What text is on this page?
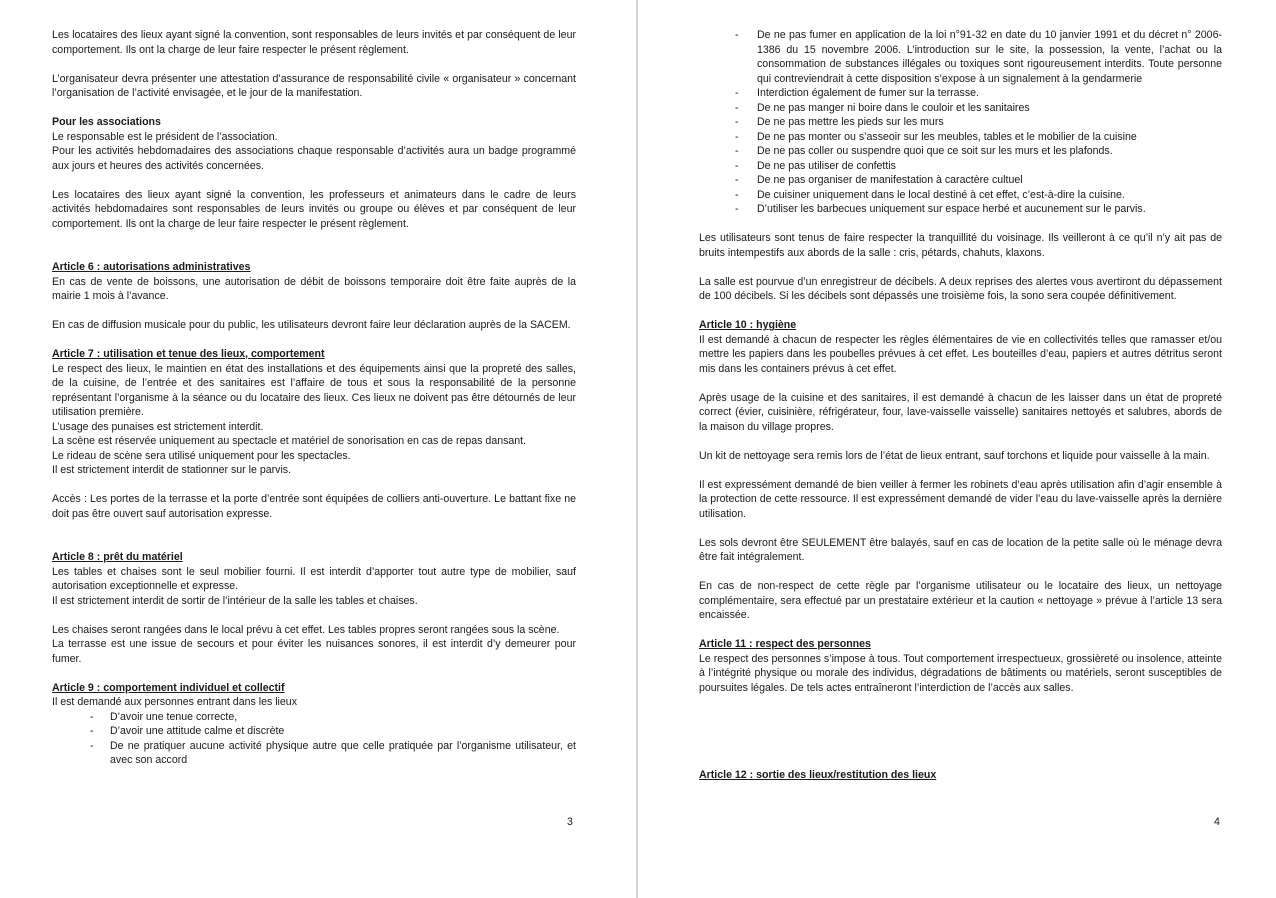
Les locataires des lieux ayant signé la convention, sont responsables de leurs invités et par conséquent de leur comportement. Ils ont la charge de leur faire respecter le présent règlement.

L’organisateur devra présenter une attestation d’assurance de responsabilité civile « organisateur » concernant l’organisation de l’activité envisagée, et le jour de la manifestation.

Pour les associations
Le responsable est le président de l’association.

Pour les activités hebdomadaires des associations chaque responsable d’activités aura un badge programmé aux jours et heures des activités concernées.

Les locataires des lieux ayant signé la convention, les professeurs et animateurs dans le cadre de leurs activités hebdomadaires sont responsables de leurs invités ou groupe ou élèves et par conséquent de leur comportement. Ils ont la charge de leur faire respecter le présent règlement.

Article 6 : autorisations administratives

En cas de vente de boissons, une autorisation de débit de boissons temporaire doit être faite auprès de la mairie 1 mois à l’avance.

En cas de diffusion musicale pour du public, les utilisateurs devront faire leur déclaration auprès de la SACEM.

Article 7 : utilisation et tenue des lieux, comportement
Le respect des lieux, le maintien en état des installations et des équipements ainsi que la propreté des salles, de la cuisine, de l’entrée et des sanitaires est l’affaire de tous et sous la responsabilité de la personne représentant l’organisme à la séance ou du locataire des lieux. Ces lieux ne doivent pas être détournés de leur utilisation première.
L’usage des punaises est strictement interdit.
La scène est réservée uniquement au spectacle et matériel de sonorisation en cas de repas dansant.
Le rideau de scène sera utilisé uniquement pour les spectacles.

Il est strictement interdit de stationner sur le parvis.

Accès : Les portes de la terrasse et la porte d’entrée sont équipées de colliers anti-ouverture. Le battant fixe ne doit pas être ouvert sauf autorisation expresse.

Article 8 : prêt du matériel
Les tables et chaises sont le seul mobilier fourni. Il est interdit d’apporter tout autre type de mobilier, sauf autorisation exceptionnelle et expresse.

Il est strictement interdit de sortir de l’intérieur de la salle les tables et chaises.

Les chaises seront rangées dans le local prévu à cet effet. Les tables propres seront rangées sous la scène.

La terrasse est une issue de secours et pour éviter les nuisances sonores, il est interdit d’y demeurer pour fumer.

Article 9 : comportement individuel et collectif
Il est demandé aux personnes entrant dans les lieux
- D’avoir une tenue correcte,
- D’avoir une attitude calme et discrète
- De ne pratiquer aucune activité physique autre que celle pratiquée par l’organisme utilisateur, et avec son accord
3
- De ne pas fumer en application de la loi n°91-32 en date du 10 janvier 1991 et du décret n° 2006-1386 du 15 novembre 2006. L’introduction sur le site, la possession, la vente, l’achat ou la consommation de substances illégales ou toxiques sont rigoureusement interdits. Toute personne qui contreviendrait à cette disposition s’expose à un signalement à la gendarmerie
- Interdiction également de fumer sur la terrasse.
- De ne pas manger ni boire dans le couloir et les sanitaires
- De ne pas mettre les pieds sur les murs
- De ne pas monter ou s’asseoir sur les meubles, tables et le mobilier de la cuisine
- De ne pas coller ou suspendre quoi que ce soit sur les murs et les plafonds.
- De ne pas utiliser de confettis
- De ne pas organiser de manifestation à caractère cultuel
- De cuisiner uniquement dans le local destiné à cet effet, c’est-à-dire la cuisine.
- D’utiliser les barbecues uniquement sur espace herbé et aucunement sur le parvis.

Les utilisateurs sont tenus de faire respecter la tranquillité du voisinage. Ils veilleront à ce qu’il n’y ait pas de bruits intempestifs aux abords de la salle : cris, pétards, chahuts, klaxons.

La salle est pourvue d’un enregistreur de décibels. A deux reprises des alertes vous avertiront du dépassement de 100 décibels. Si les décibels sont dépassés une troisième fois, la sono sera coupée définitivement.

Article 10 : hygiène

Il est demandé à chacun de respecter les règles élémentaires de vie en collectivités telles que ramasser et/ou mettre les papiers dans les poubelles prévues à cet effet. Les bouteilles d’eau, papiers et autres détritus seront mis dans les containers prévus à cet effet.

Après usage de la cuisine et des sanitaires, il est demandé à chacun de les laisser dans un état de propreté correct (évier, cuisinière, réfrigérateur, four, lave-vaisselle vaisselle) sanitaires nettoyés et salubres, abords de la maison du village propres.

Un kit de nettoyage sera remis lors de l’état de lieux entrant, sauf torchons et liquide pour vaisselle à la main.

Il est expressément demandé de bien veiller à fermer les robinets d’eau après utilisation afin d’agir ensemble à la protection de cette ressource. Il est expressément demandé de vider l’eau du lave-vaisselle après la dernière utilisation.

Les sols devront être SEULEMENT être balayés, sauf en cas de location de la petite salle où le ménage devra être fait intégralement.

En cas de non-respect de cette règle par l’organisme utilisateur ou le locataire des lieux, un nettoyage complémentaire, sera effectué par un prestataire extérieur et la caution « nettoyage » prévue à l’article 13 sera encaissée.

Article 11 : respect des personnes

Le respect des personnes s’impose à tous. Tout comportement irrespectueux, grossièreté ou insolence, atteinte à l’intégrité physique ou morale des individus, dégradations de bâtiments ou matériels, seront susceptibles de poursuites légales. De tels actes entraîneront l’interdiction de l’accès aux salles.

Article 12 : sortie des lieux/restitution des lieux
4
